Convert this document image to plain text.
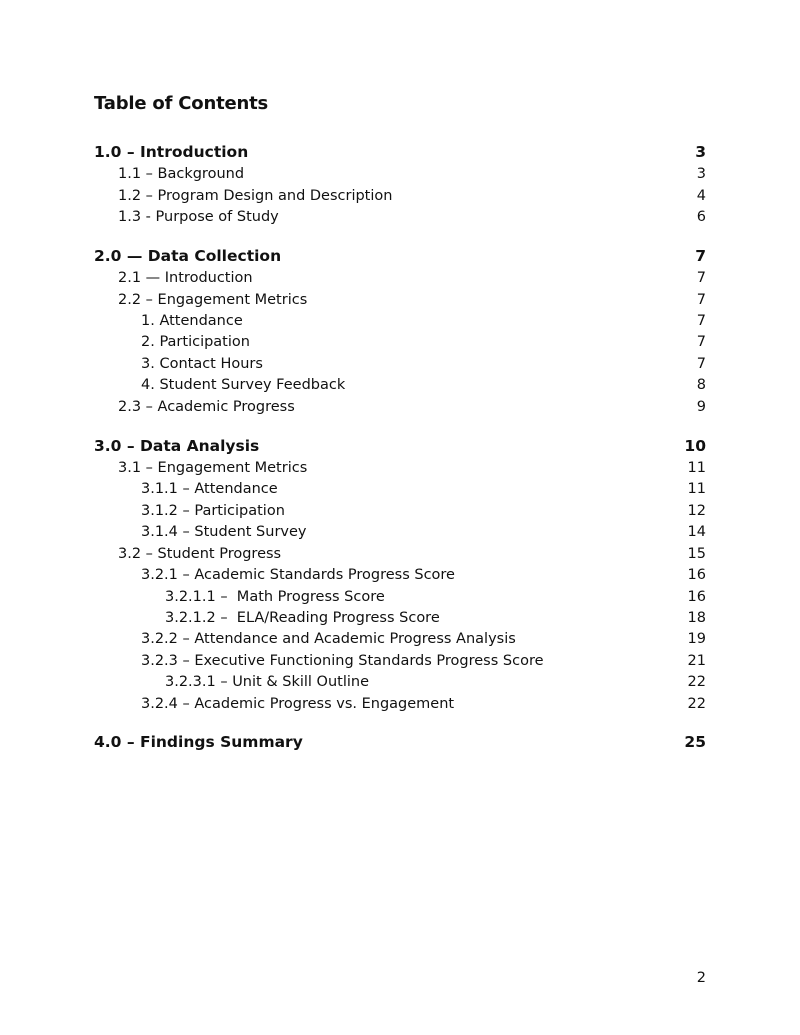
Table of Contents
1.0 – Introduction	3
1.1 – Background	3
1.2 – Program Design and Description	4
1.3 - Purpose of Study	6
2.0 — Data Collection	7
2.1 — Introduction	7
2.2 – Engagement Metrics	7
1. Attendance	7
2. Participation	7
3. Contact Hours	7
4. Student Survey Feedback	8
2.3 – Academic Progress	9
3.0 – Data Analysis	10
3.1 – Engagement Metrics	11
3.1.1 – Attendance	11
3.1.2 – Participation	12
3.1.4 – Student Survey	14
3.2 – Student Progress	15
3.2.1 – Academic Standards Progress Score	16
3.2.1.1 –  Math Progress Score	16
3.2.1.2 –  ELA/Reading Progress Score	18
3.2.2 – Attendance and Academic Progress Analysis	19
3.2.3 – Executive Functioning Standards Progress Score	21
3.2.3.1 – Unit & Skill Outline	22
3.2.4 – Academic Progress vs. Engagement	22
4.0 – Findings Summary	25
2
